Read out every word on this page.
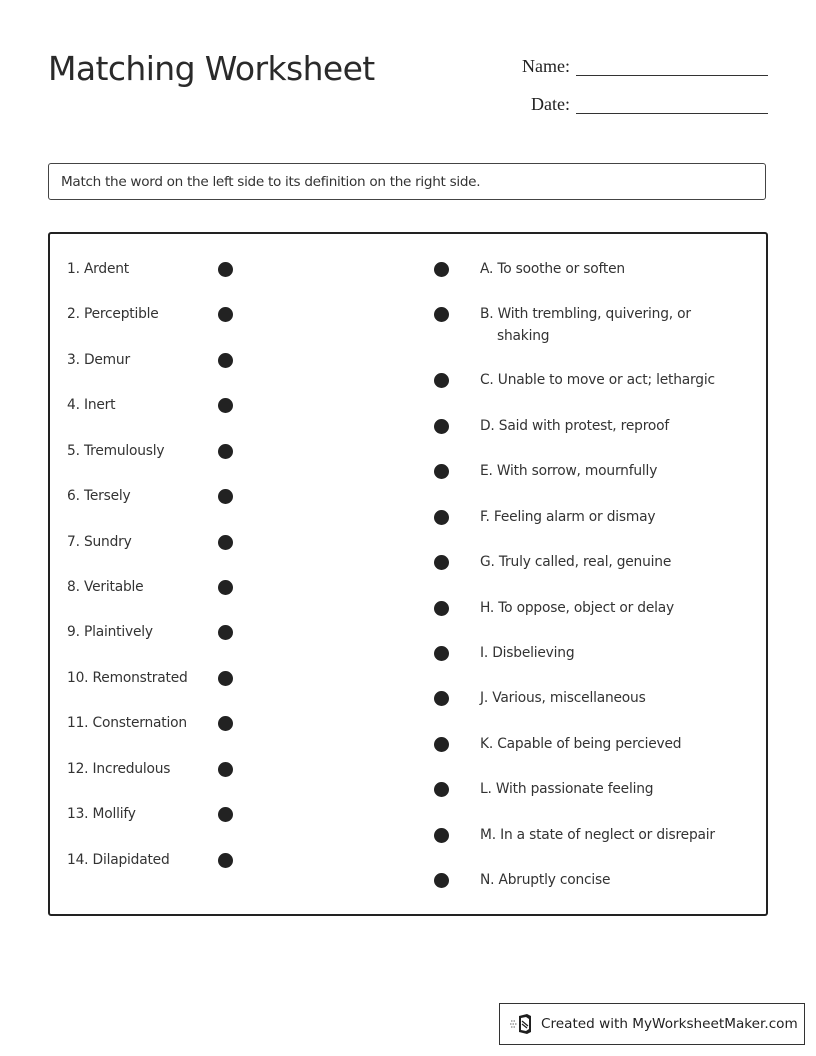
Matching Worksheet	Name:
Date:
Match the word on the left side to its definition on the right side.
1. Ardent
2. Perceptible
3. Demur
4. Inert
5. Tremulously
6. Tersely
7. Sundry
8. Veritable
9. Plaintively
10. Remonstrated
11. Consternation
12. Incredulous
13. Mollify
14. Dilapidated
A. To soothe or soften
B. With trembling, quivering, or
shaking
C. Unable to move or act; lethargic
D. Said with protest, reproof
E. With sorrow, mournfully
F. Feeling alarm or dismay
G. Truly called, real, genuine
H. To oppose, object or delay
I. Disbelieving
J. Various, miscellaneous
K. Capable of being percieved
L. With passionate feeling
M. In a state of neglect or disrepair
N. Abruptly concise
Created with MyWorksheetMaker.com
